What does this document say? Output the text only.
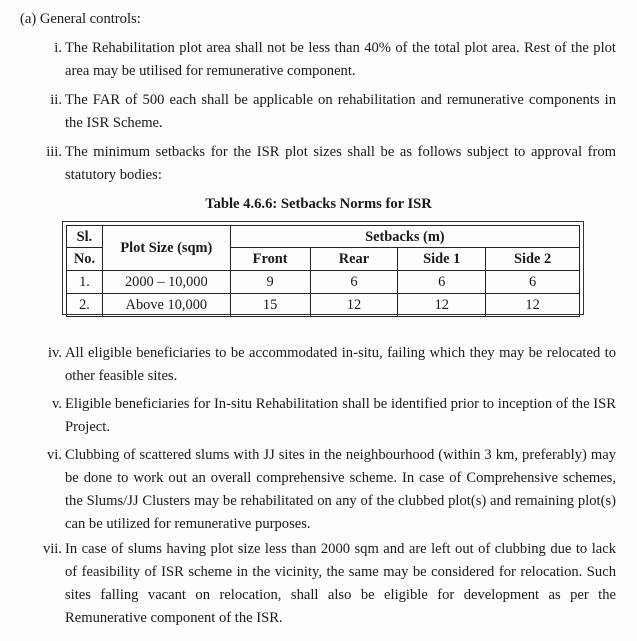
(a) General controls:
i. The Rehabilitation plot area shall not be less than 40% of the total plot area. Rest of the plot area may be utilised for remunerative component.
ii. The FAR of 500 each shall be applicable on rehabilitation and remunerative components in the ISR Scheme.
iii. The minimum setbacks for the ISR plot sizes shall be as follows subject to approval from statutory bodies:
Table 4.6.6: Setbacks Norms for ISR
Sl.	Plot Size (sqm)	Setbacks (m)			
No.		Front	Rear	Side 1	Side 2
1.	2000 – 10,000	9	6	6	6
2.	Above 10,000	15	12	12	12
iv. All eligible beneficiaries to be accommodated in-situ, failing which they may be relocated to other feasible sites.
v. Eligible beneficiaries for In-situ Rehabilitation shall be identified prior to inception of the ISR Project.
vi. Clubbing of scattered slums with JJ sites in the neighbourhood (within 3 km, preferably) may be done to work out an overall comprehensive scheme. In case of Comprehensive schemes, the Slums/JJ Clusters may be rehabilitated on any of the clubbed plot(s) and remaining plot(s) can be utilized for remunerative purposes.
vii. In case of slums having plot size less than 2000 sqm and are left out of clubbing due to lack of feasibility of ISR scheme in the vicinity, the same may be considered for relocation. Such sites falling vacant on relocation, shall also be eligible for development as per the Remunerative component of the ISR.
